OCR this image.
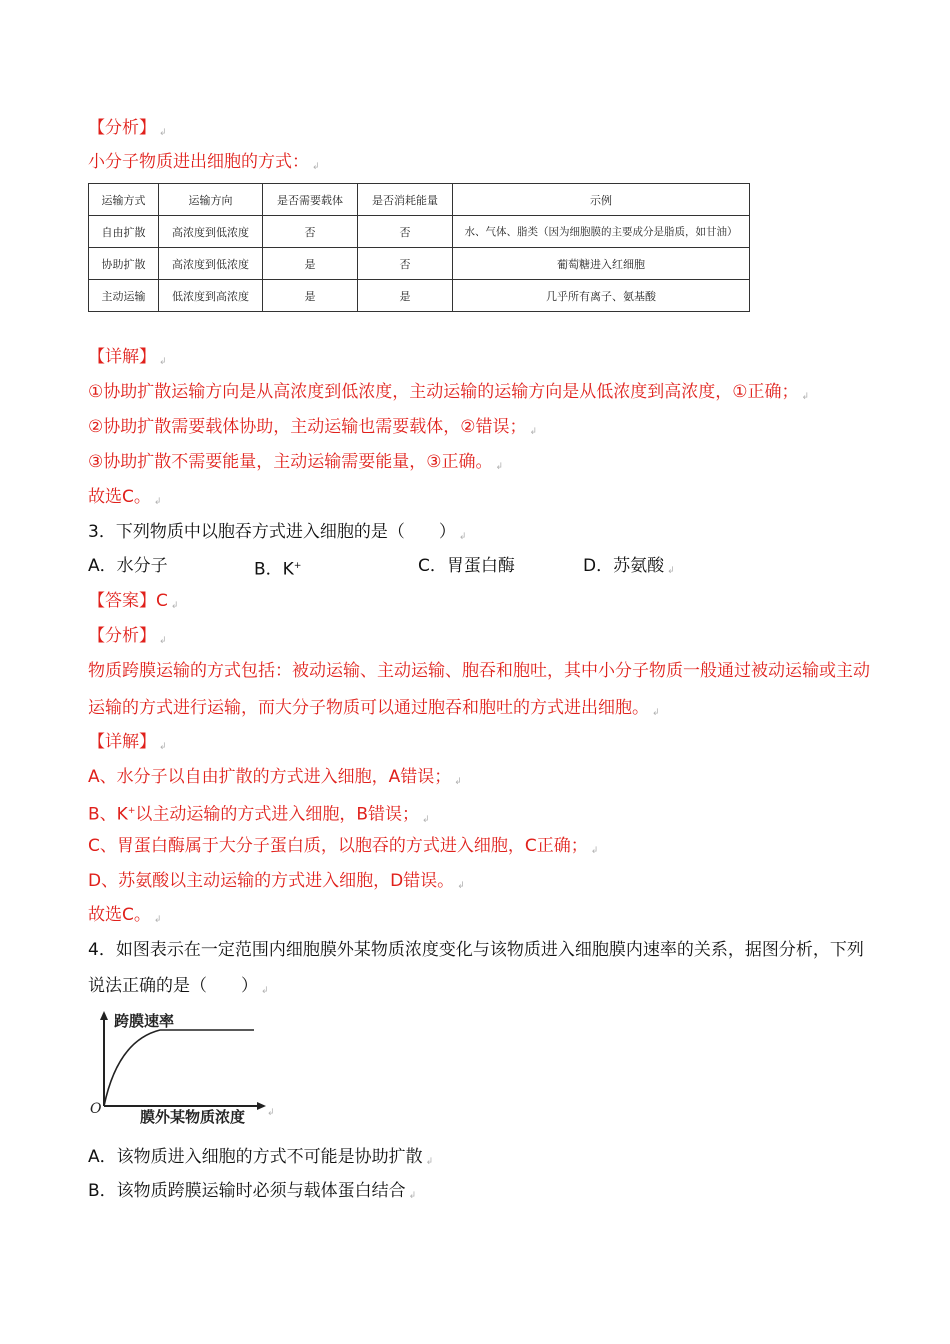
【分析】 ↲
小分子物质进出细胞的方式： ↲
运输方式	运输方向	是否需要载体	是否消耗能量	示例
自由扩散	高浓度到低浓度	否	否	水、气体、脂类（因为细胞膜的主要成分是脂质，如甘油）
协助扩散	高浓度到低浓度	是	否	葡萄糖进入红细胞
主动运输	低浓度到高浓度	是	是	几乎所有离子、氨基酸
【详解】 ↲
①协助扩散运输方向是从高浓度到低浓度，主动运输的运输方向是从低浓度到高浓度，①正确； ↲
②协助扩散需要载体协助，主动运输也需要载体，②错误； ↲
③协助扩散不需要能量，主动运输需要能量，③正确。 ↲
故选C。 ↲
3．下列物质中以胞吞方式进入细胞的是（　　） ↲
A．水分子	B．K+	C．胃蛋白酶	D．苏氨酸 ↲
【答案】C ↲
【分析】 ↲
物质跨膜运输的方式包括：被动运输、主动运输、胞吞和胞吐，其中小分子物质一般通过被动运输或主动
运输的方式进行运输，而大分子物质可以通过胞吞和胞吐的方式进出细胞。 ↲
【详解】 ↲
A、水分子以自由扩散的方式进入细胞，A错误； ↲
B、K+以主动运输的方式进入细胞，B错误； ↲
C、胃蛋白酶属于大分子蛋白质，以胞吞的方式进入细胞，C正确； ↲
D、苏氨酸以主动运输的方式进入细胞，D错误。 ↲
故选C。 ↲
4．如图表示在一定范围内细胞膜外某物质浓度变化与该物质进入细胞膜内速率的关系，据图分析，下列
说法正确的是（　　） ↲
跨膜速率
膜外某物质浓度
O	↲
A．该物质进入细胞的方式不可能是协助扩散 ↲
B．该物质跨膜运输时必须与载体蛋白结合 ↲
